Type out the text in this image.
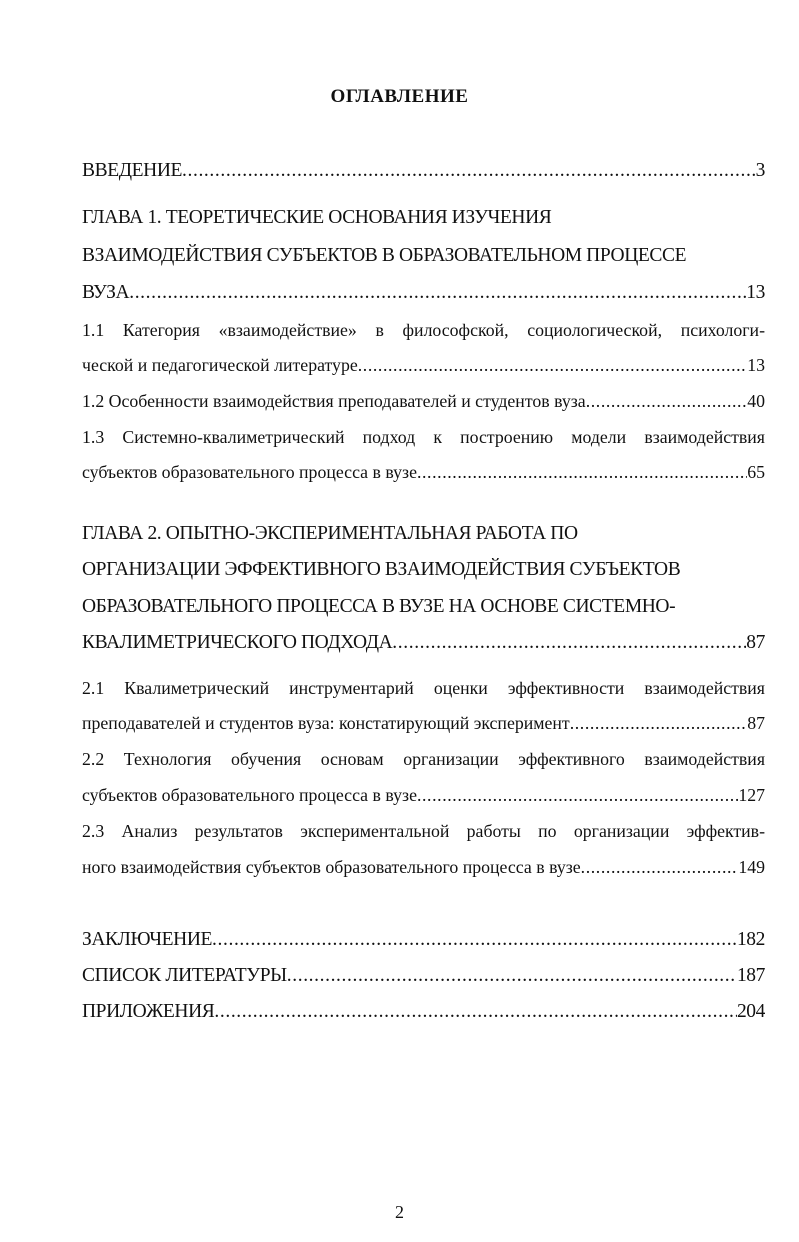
ОГЛАВЛЕНИЕ
ВВЕДЕНИЕ .....	3
ГЛАВА 1. ТЕОРЕТИЧЕСКИЕ ОСНОВАНИЯ ИЗУЧЕНИЯ
ВЗАИМОДЕЙСТВИЯ СУБЪЕКТОВ В ОБРАЗОВАТЕЛЬНОМ ПРОЦЕССЕ
ВУЗА .....	13
1.1 Категория «взаимодействие» в философской, социологической, психологи-
ческой и педагогической литературе .....	13
1.2 Особенности взаимодействия преподавателей и студентов вуза .....	40
1.3 Системно-квалиметрический подход к построению модели взаимодействия
субъектов образовательного процесса в вузе .....	65
ГЛАВА 2. ОПЫТНО-ЭКСПЕРИМЕНТАЛЬНАЯ РАБОТА ПО
ОРГАНИЗАЦИИ ЭФФЕКТИВНОГО ВЗАИМОДЕЙСТВИЯ СУБЪЕКТОВ
ОБРАЗОВАТЕЛЬНОГО ПРОЦЕССА В ВУЗЕ НА ОСНОВЕ СИСТЕМНО-
КВАЛИМЕТРИЧЕСКОГО ПОДХОДА .....	87
2.1 Квалиметрический инструментарий оценки эффективности взаимодействия
преподавателей и студентов вуза: констатирующий эксперимент .....	87
2.2 Технология обучения основам организации эффективного взаимодействия
субъектов образовательного процесса в вузе .....	127
2.3 Анализ результатов экспериментальной работы по организации эффектив-
ного взаимодействия субъектов образовательного процесса в вузе .....	149
ЗАКЛЮЧЕНИЕ .....	182
СПИСОК ЛИТЕРАТУРЫ .....	187
ПРИЛОЖЕНИЯ .....	204
2
